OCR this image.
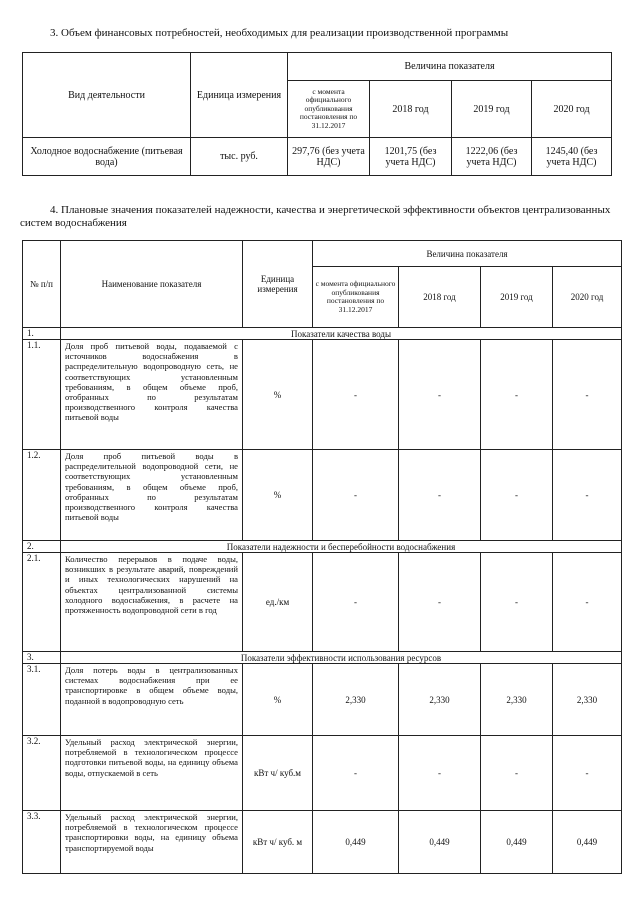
3. Объем финансовых потребностей, необходимых для реализации производственной программы

Вид деятельности	Единица измерения	Величина показателя			
		с момента официального опубликования постановления по 31.12.2017	2018 год	2019 год	2020 год
Холодное водоснабжение (питьевая вода)	тыс. руб.	297,76 (без учета НДС)	1201,75 (без учета НДС)	1222,06 (без учета НДС)	1245,40 (без учета НДС)

4. Плановые значения показателей надежности, качества и энергетической эффективности объектов централизованных систем водоснабжения

№ п/п	Наименование показателя	Единица измерения	Величина показателя			
			с момента официального опубликования постановления по 31.12.2017	2018 год	2019 год	2020 год
1.	Показатели качества воды					
1.1.	Доля проб питьевой воды, подаваемой с источников водоснабжения в распределительную водопроводную сеть, не соответствующих установленным требованиям, в общем объеме проб, отобранных по результатам производственного контроля качества питьевой воды	%	-	-	-	-
1.2.	Доля проб питьевой воды в распределительной водопроводной сети, не соответствующих установленным требованиям, в общем объеме проб, отобранных по результатам производственного контроля качества питьевой воды	%	-	-	-	-
2.	Показатели надежности и бесперебойности водоснабжения					
2.1.	Количество перерывов в подаче воды, возникших в результате аварий, повреждений и иных технологических нарушений на объектах централизованной системы холодного водоснабжения, в расчете на протяженность водопроводной сети в год	ед./км	-	-	-	-
3.	Показатели эффективности использования ресурсов					
3.1.	Доля потерь воды в централизованных системах водоснабжения при ее транспортировке в общем объеме воды, поданной в водопроводную сеть	%	2,330	2,330	2,330	2,330
3.2.	Удельный расход электрической энергии, потребляемой в технологическом процессе подготовки питьевой воды, на единицу объема воды, отпускаемой в сеть	кВт ч/ куб.м	-	-	-	-
3.3.	Удельный расход электрической энергии, потребляемой в технологическом процессе транспортировки воды, на единицу объема транспортируемой воды	кВт ч/ куб. м	0,449	0,449	0,449	0,449
